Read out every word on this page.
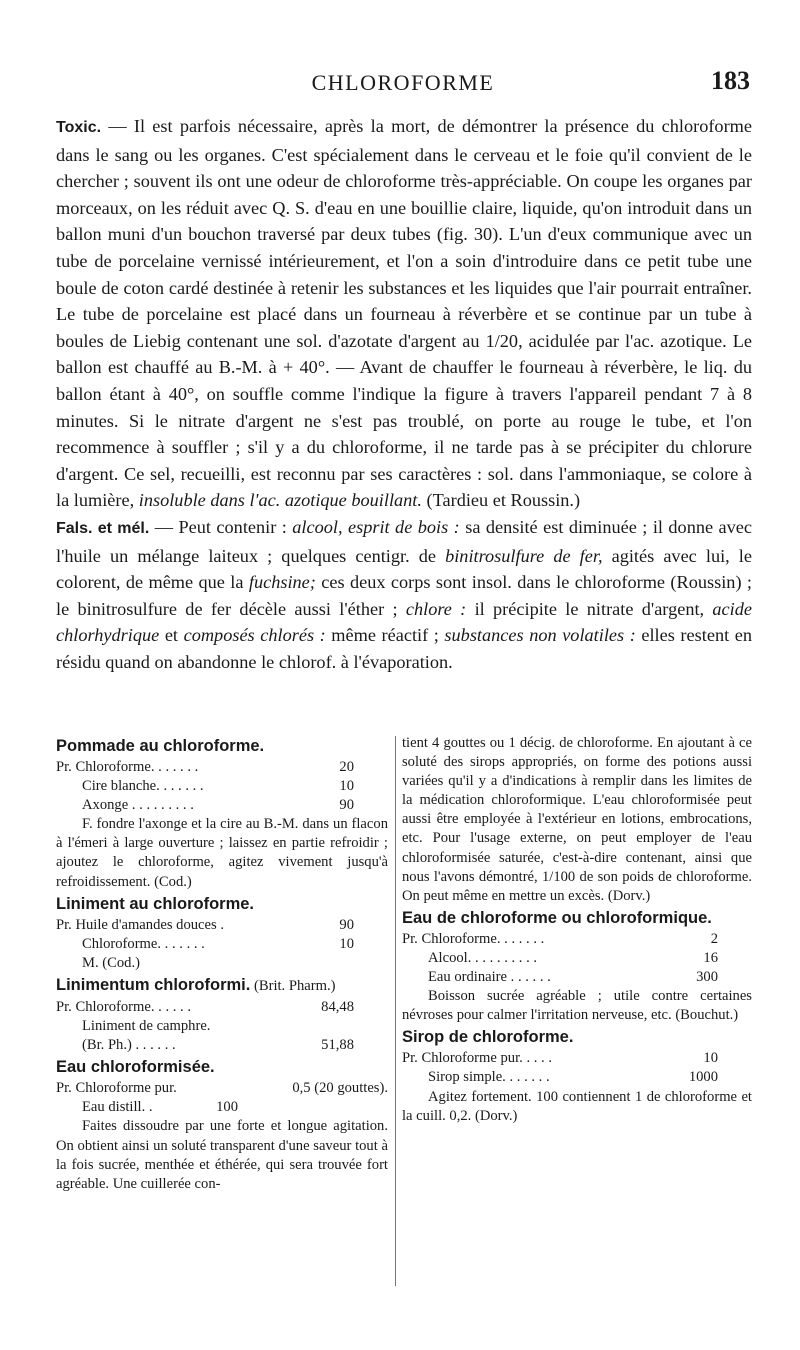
CHLOROFORME	183

Toxic. — Il est parfois nécessaire, après la mort, de démontrer la présence du chloroforme dans le sang ou les organes. C'est spécialement dans le cerveau et le foie qu'il convient de le chercher ; souvent ils ont une odeur de chloroforme très-appréciable. On coupe les organes par morceaux, on les réduit avec Q. S. d'eau en une bouillie claire, liquide, qu'on introduit dans un ballon muni d'un bouchon traversé par deux tubes (fig. 30). L'un d'eux communique avec un tube de porcelaine vernissé intérieurement, et l'on a soin d'introduire dans ce petit tube une boule de coton cardé destinée à retenir les substances et les liquides que l'air pourrait entraîner. Le tube de porcelaine est placé dans un fourneau à réverbère et se continue par un tube à boules de Liebig contenant une sol. d'azotate d'argent au 1/20, acidulée par l'ac. azotique. Le ballon est chauffé au B.-M. à + 40°. — Avant de chauffer le fourneau à réverbère, le liq. du ballon étant à 40°, on souffle comme l'indique la figure à travers l'appareil pendant 7 à 8 minutes. Si le nitrate d'argent ne s'est pas troublé, on porte au rouge le tube, et l'on recommence à souffler ; s'il y a du chloroforme, il ne tarde pas à se précipiter du chlorure d'argent. Ce sel, recueilli, est reconnu par ses caractères : sol. dans l'ammoniaque, se colore à la lumière, insoluble dans l'ac. azotique bouillant. (Tardieu et Roussin.)

Fals. et mél. — Peut contenir : alcool, esprit de bois : sa densité est diminuée ; il donne avec l'huile un mélange laiteux ; quelques centigr. de binitrosulfure de fer, agités avec lui, le colorent, de même que la fuchsine; ces deux corps sont insol. dans le chloroforme (Roussin) ; le binitrosulfure de fer décèle aussi l'éther ; chlore : il précipite le nitrate d'argent, acide chlorhydrique et composés chlorés : même réactif ; substances non volatiles : elles restent en résidu quand on abandonne le chlorof. à l'évaporation.

Pommade au chloroforme.
Pr. Chloroforme. . . . . . .	20
Cire blanche. . . . . . .	10
Axonge . . . . . . . . .	90

F. fondre l'axonge et la cire au B.-M. dans un flacon à l'émeri à large ouverture ; laissez en partie refroidir ; ajoutez le chloroforme, agitez vivement jusqu'à refroidissement. (Cod.)

Liniment au chloroforme.
Pr. Huile d'amandes douces .	90
Chloroforme. . . . . . .	10

M. (Cod.)

Linimentum chloroformi. (Brit. Pharm.)
Pr. Chloroforme. . . . . .	84,48
Liniment de camphre.
(Br. Ph.) . . . . . .	51,88
Eau chloroformisée.
Pr. Chloroforme pur.	0,5 (20 gouttes).
Eau distill. .	100

Faites dissoudre par une forte et longue agitation. On obtient ainsi un soluté transparent d'une saveur tout à la fois sucrée, menthée et éthérée, qui sera trouvée fort agréable. Une cuillerée con-

tient 4 gouttes ou 1 décig. de chloroforme. En ajoutant à ce soluté des sirops appropriés, on forme des potions aussi variées qu'il y a d'indications à remplir dans les limites de la médication chloroformique. L'eau chloroformisée peut aussi être employée à l'extérieur en lotions, embrocations, etc. Pour l'usage externe, on peut employer de l'eau chloroformisée saturée, c'est-à-dire contenant, ainsi que nous l'avons démontré, 1/100 de son poids de chloroforme. On peut même en mettre un excès. (Dorv.)

Eau de chloroforme ou chloroformique.
Pr. Chloroforme. . . . . . .	2
Alcool. . . . . . . . . .	16
Eau ordinaire . . . . . .	300

Boisson sucrée agréable ; utile contre certaines névroses pour calmer l'irritation nerveuse, etc. (Bouchut.)

Sirop de chloroforme.
Pr. Chloroforme pur. . . . .	10
Sirop simple. . . . . . .	1000

Agitez fortement. 100 contiennent 1 de chloroforme et la cuill. 0,2. (Dorv.)
